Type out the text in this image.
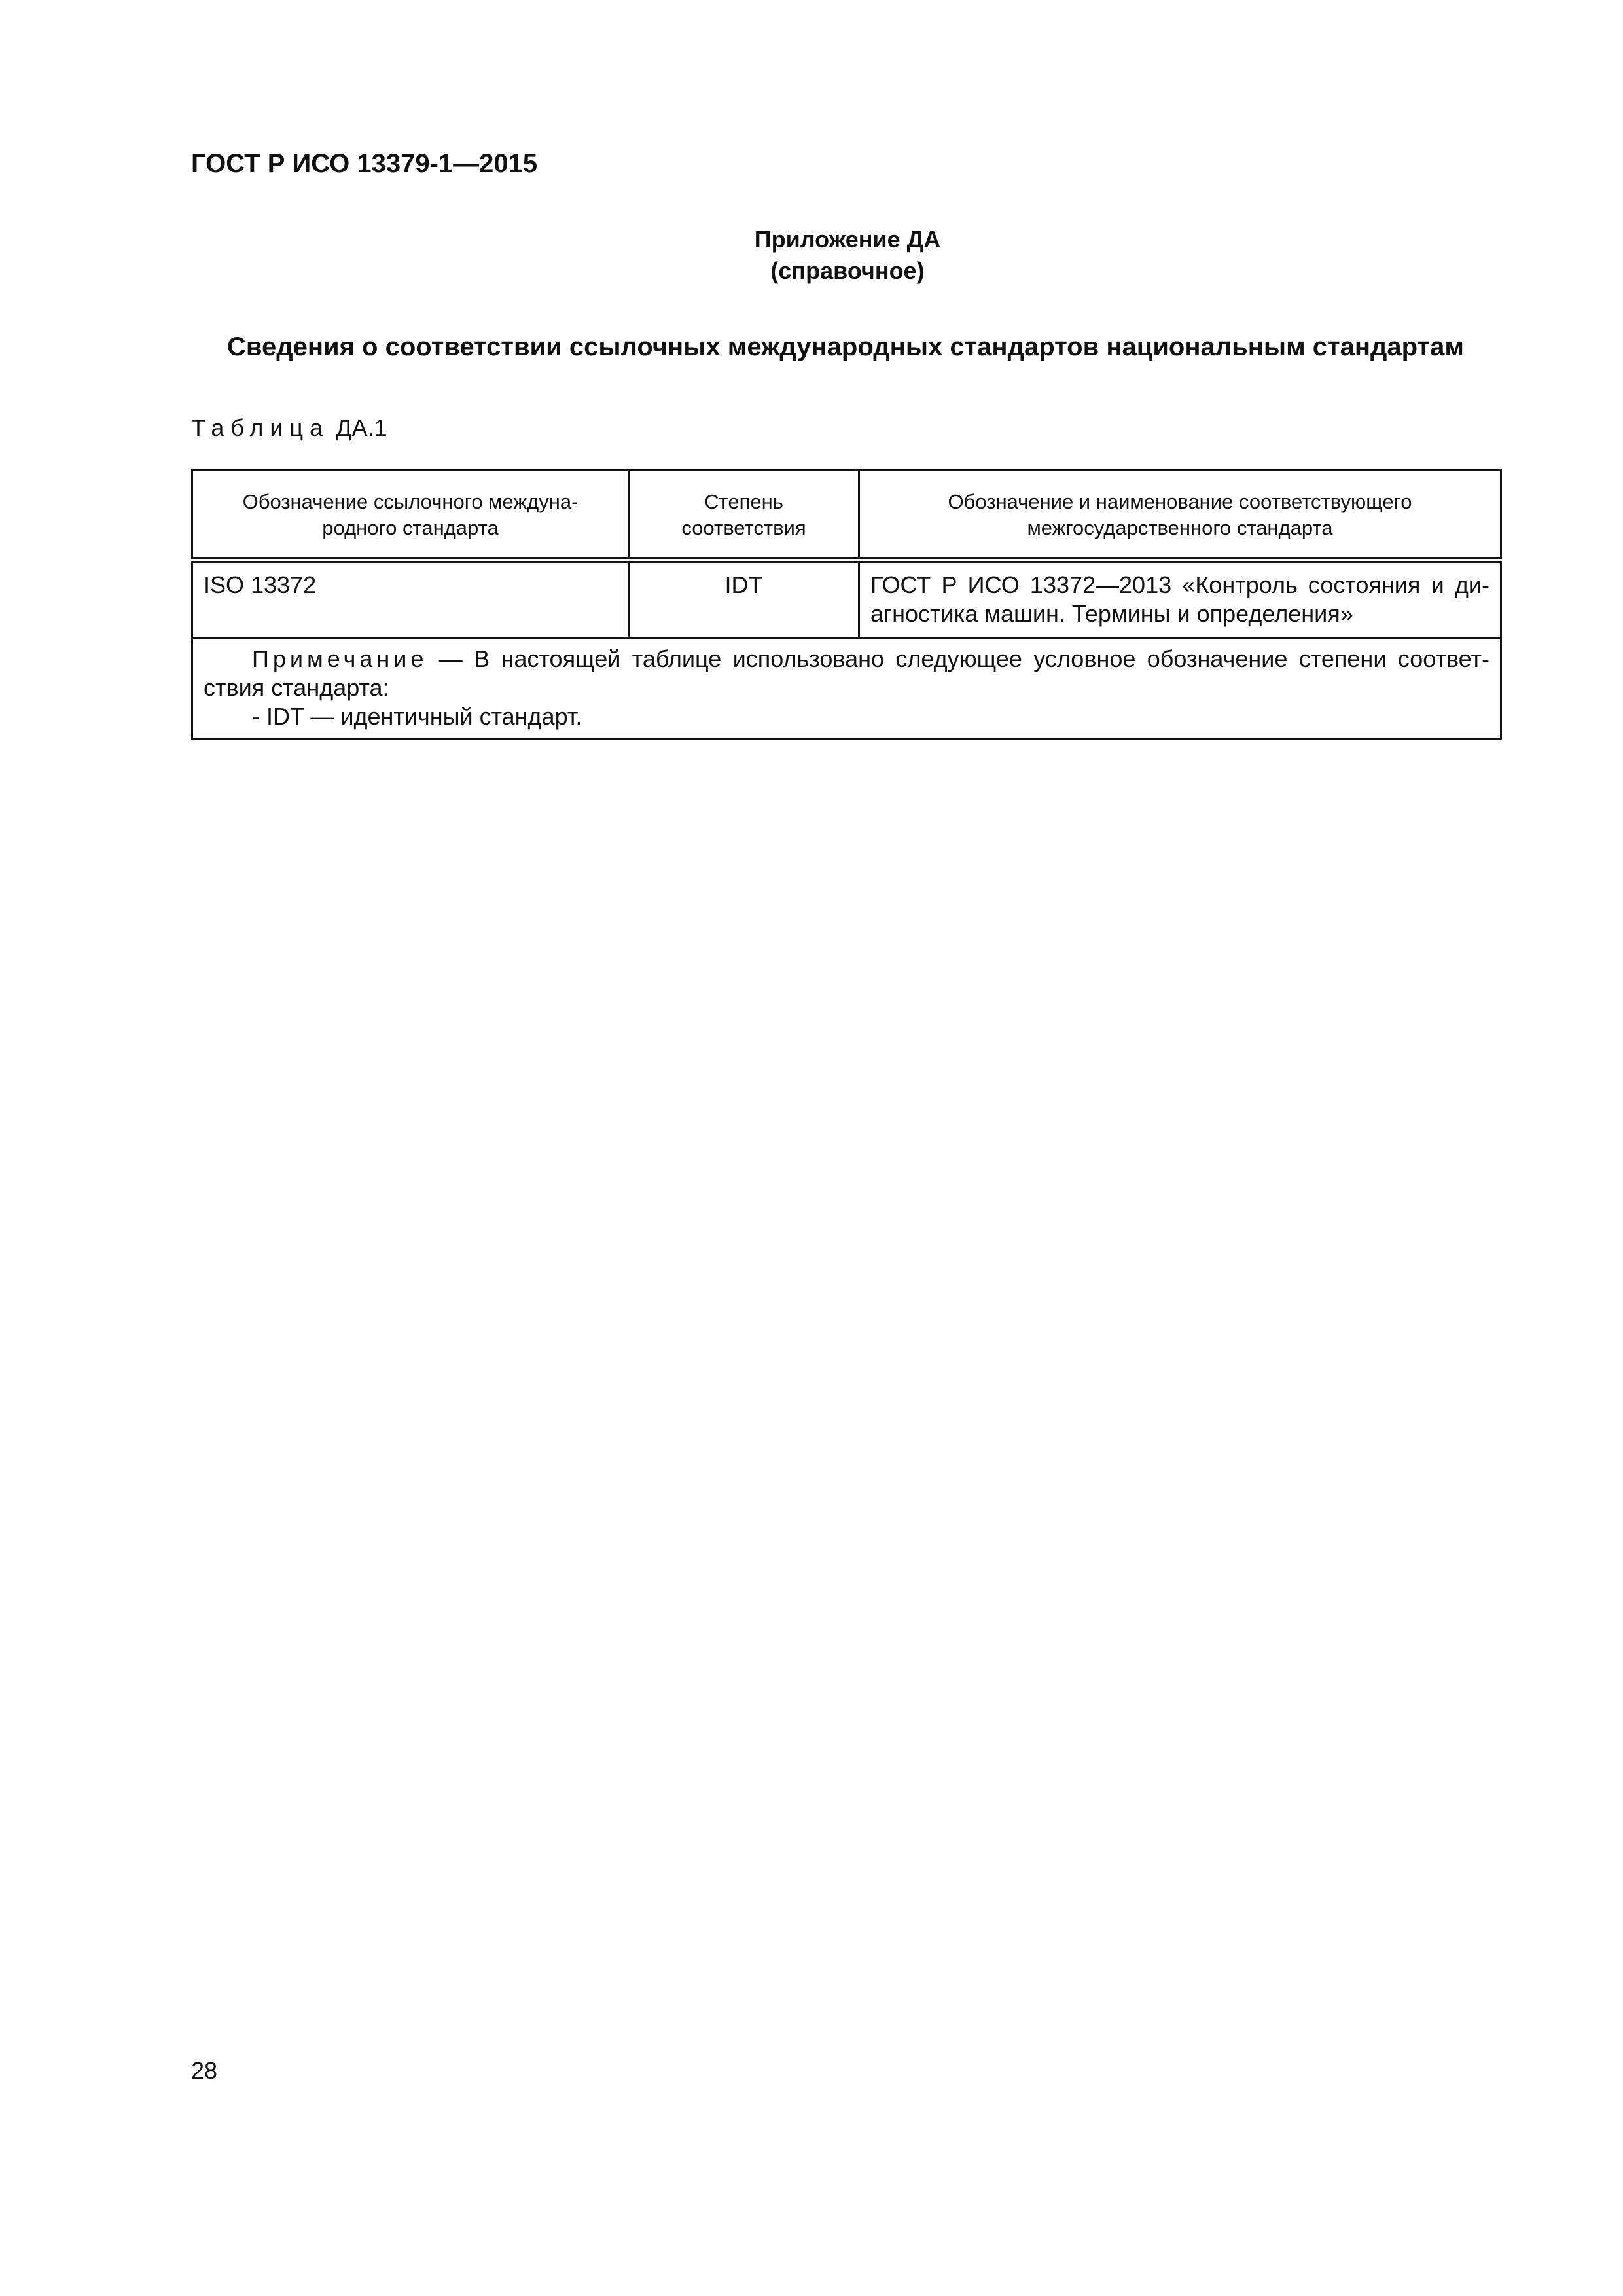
ГОСТ Р ИСО 13379-1—2015
Приложение ДА
(справочное)
Сведения о соответствии ссылочных международных стандартов национальным стандартам
Таблица ДА.1
Обозначение ссылочного междуна-родного стандарта	Степень соответствия	Обозначение и наименование соответствующего межгосударственного стандарта
ISO 13372	IDT	ГОСТ Р ИСО 13372—2013 «Контроль состояния и ди-агностика машин. Термины и определения»

Примечание — В настоящей таблице использовано следующее условное обозначение степени соответ-ствия стандарта:
- IDT — идентичный стандарт.		
28
